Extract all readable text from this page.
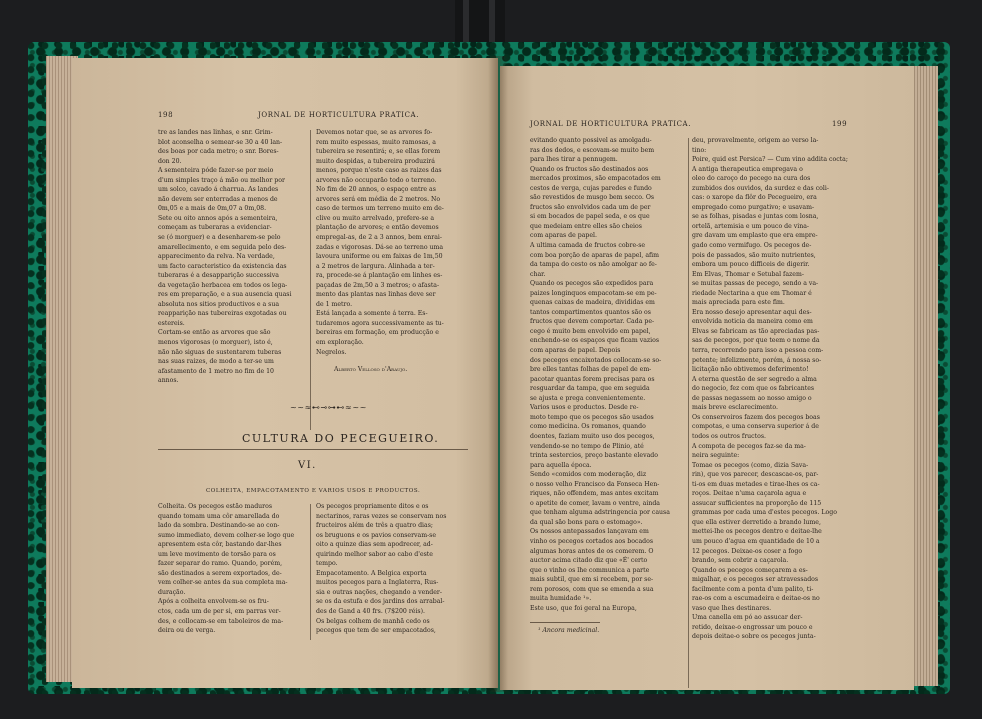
198	JORNAL DE HORTICULTURA PRATICA.
tre as landes nas linhas, e snr. Grim-
blot aconselha o semear-se 30 a 40 lan-
des boas por cada metro; o snr. Bores-
don 20.
A sementeira póde fazer-se por meio
d'um simples traço á mão ou melhor por
um solco, cavado á charrua. As landes
não devem ser enterradas a menos de
0m,05 e a mais de 0m,07 a 0m,08.
Sete ou oito annos após a sementeira,
começam as tuberaras a evidenciar-
se (ó morguer) e a desenharem-se pelo
amarellecimento, e em seguida pelo des-
apparecimento da relva. Na verdade,
um facto caracteristico da existencia das
tuberaras é a desapparição successiva
da vegetação herbacea em todos os lega-
res em preparação, e a sua ausencia quasi
absoluta nos sitios productivos e a sua
reapparição nas tubereiras exgotadas ou
estereis.
Cortam-se então as arvores que são
menos vigorosas (o morguer), isto é,
não não siguas de sustentarem tuberas
nas suas raizes, de modo a ter-se um
afastamento de 1 metro no fim de 10
annos.
Devemos notar que, se as arvores fo-
rem muito espessas, muito ramosas, a
tubereira se resentirá; e, se ellas forem
muito despidas, a tubereira produzirá
menos, porque n'este caso as raizes das
arvores não occuparão todo o terreno.
No fim de 20 annos, o espaço entre as
arvores será em média de 2 metros. No
caso de termos um terreno muito em de-
clive ou muito arrelvado, prefere-se a
plantação de arvores; e então devemos
empregal-as, de 2 a 3 annos, bem enrai-
zadas e vigorosas. Dá-se ao terreno uma
lavoura uniforme ou em faixas de 1m,50
a 2 metros de largura. Alinhada a ter-
ra, procede-se á plantação em linhes es-
paçadas de 2m,50 a 3 metros; o afasta-
mento das plantas nas linhas deve ser
de 1 metro.
Está lançada a somente á terra. Es-
tudaremos agora successivamente as tu-
bereiras em formação, em producção e
em exploração.
Negrelos.
Alberto Velloso d'Araujo.
~~≈⊷⊸⊶⊷≈~~
CULTURA DO PECEGUEIRO.
VI.
COLHEITA, EMPACOTAMENTO E VARIOS USOS E PRODUCTOS.
Colheita. Os pecegos estão maduros
quando tomam uma côr amarellada do
lado da sombra. Destinando-se ao con-
sumo immediato, devem colher-se logo que
apresentem esta côr, bastando dar-lhes
um leve movimento de torsão para os
fazer separar do ramo. Quando, porém,
são destinados a serem exportados, de-
vem colher-se antes da sua completa ma-
duração.
Após a colheita envolvem-se os fru-
ctos, cada um de per si, em parras ver-
des, e collocam-se em taboleiros de ma-
deira ou de verga.
Os pecegos propriamente ditos e os
nectarinos, raras vezes se conservam nos
fructeiros além de três a quatro dias;
os bruguons e os pavios conservam-se
oito a quinze dias sem apodrecer, ad-
quirindo melhor sabor ao cabo d'este
tempo.
Empacotamento. A Belgica exporta
muitos pecegos para a Inglaterra, Rus-
sia e outras nações, chegando a vender-
se os da estufa e dos jardins dos arrabal-
des de Gand a 40 frs. (7$200 réis).
Os belgas colhem de manhã cedo os
pecegos que tem de ser empacotados,
JORNAL DE HORTICULTURA PRATICA.	199
evitando quanto possivel as amolgadu-
ras dos dedos, e escovam-se muito bem
para lhes tirar a pennugem.
Quando os fructos são destinados aos
mercados proximos, são empacotados em
cestos de verga, cujas paredes e fundo
são revestidos de musgo bem secco. Os
fructos são envolvidos cada um de per
si em bocados de papel seda, e os que
que medeiam entre elles são cheios
com aparas de papel.
A ultima camada de fructos cobre-se
com boa porção de aparas de papel, afim
da tampa do cesto os não amolgar ao fe-
char.
Quando os pecegos são expedidos para
paizes longinquos empacotam-se em pe-
quenas caixas de madeira, divididas em
tantos compartimentos quantos são os
fructos que devem comportar. Cada pe-
cego é muito bem envolvido em papel,
enchendo-se os espaços que ficam vazios
com aparas de papel. Depois
dos pecegos encaixotados collocam-se so-
bre elles tantas folhas de papel de em-
pacotar quantas forem precisas para os
resguardar da tampa, que em seguida
se ajusta e prega convenientemente.
Varios usos e productos. Desde re-
moto tempo que os pecegos são usados
como medicina. Os romanos, quando
doentes, faziam muito uso dos pecegos,
vendendo-se no tempo de Plinio, até
trinta sestercios, preço bastante elevado
para aquella época.
Sendo «comidos com moderação, diz
o nosso velho Francisco da Fonseca Hen-
riques, não offendem, mas antes excitam
o apetite de comer, lavam o ventre, ainda
que tenham alguma adstringencia por causa
da qual são bons para o estomago».
Os nossos antepassados lançavam em
vinho os pecegos cortados aos bocados
algumas horas antes de os comerem. O
auctor acima citado diz que «É' certo
que o vinho os lhe communica a parte
mais subtil, que em si recebem, por se-
rem porosos, com que se emenda a sua
muita humidade ¹».
Este uso, que foi geral na Europa,
¹ Ancora medicinal.
deu, provavelmente, origem ao verso la-
tino:
Poire, quid est Persica? — Cum vino addita cocta;
A antiga therapeutica empregava o
oleo do caroço do pecego na cura dos
zumbidos dos ouvidos, da surdez e das coli-
cas: o xarope da flôr do Pecegueiro, era
empregado como purgativo; e usavam-
se as folhas, pisadas e juntas com losna,
ortelã, artemisia e um pouco de vina-
gre davam um emplasto que era empre-
gado como vermifugo. Os pecegos de-
pois de passados, são muito nutrientes,
embora um pouco difficeis de digerir.
Em Elvas, Thomar e Setubal fazem-
se muitas passas de pecego, sendo a va-
riedade Nectarina a que em Thomar é
mais apreciada para este fim.
Era nosso desejo apresentar aqui des-
envolvida noticia da maneira como em
Elvas se fabricam as tão apreciadas pas-
sas de pecegos, por que teem o nome da
terra, recorrendo para isso a pessoa com-
petente; infelizmente, porém, á nossa so-
licitação não obtivemos deferimento!
A eterna questão de ser segredo a alma
do negocio, fez com que os fabricantes
de passas negassem ao nosso amigo o
mais breve esclarecimento.
Os conservoiros fazem dos pecegos boas
compotas, e uma conserva superior á de
todos os outros fructos.
A compota de pecegos faz-se da ma-
neira seguinte:
Tomae os pecegos (como, dizia Sava-
rin), que vos parecer, descascae-os, par-
ti-os em duas metades e tirae-lhes os ca-
roços. Deitae n'uma caçarola agua e
assucar sufficientes na proporção de 115
grammas por cada uma d'estes pecegos. Logo
que ella estiver derretido a brando lume,
mettei-lhe os pecegos dentro e deitae-lhe
um pouco d'agua em quantidade de 10 a
12 pecegos. Deixae-os coser a fogo
brando, sem cobrir a caçarola.
Quando os pecegos começarem a es-
migalhar, e os pecegos ser atravessados
facilmente com a ponta d'um palito, ti-
rae-os com a escumadeira e deitae-os no
vaso que lhes destinares.
Uma canella em pó ao assucar der-
retido, deixae-o engrossar um pouco e
depois deitae-o sobre os pecegos junta-
